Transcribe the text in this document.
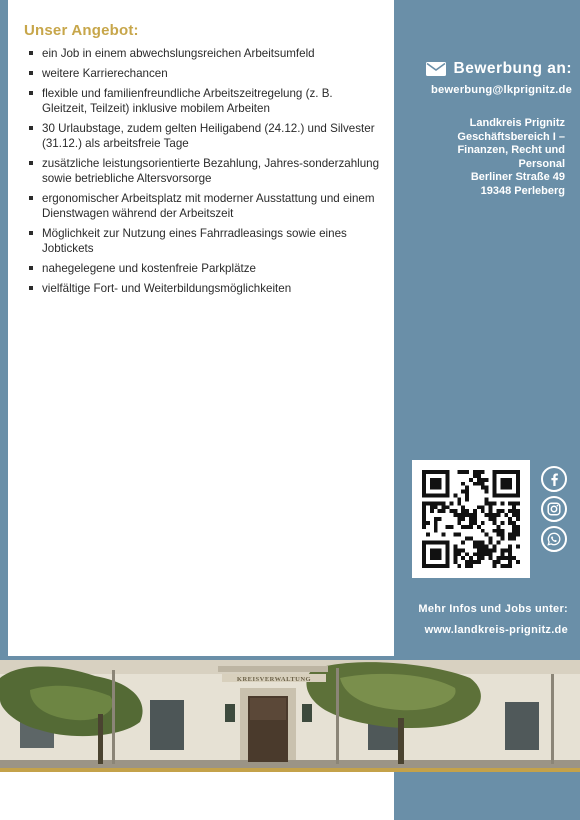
Unser Angebot:
ein Job in einem abwechslungsreichen Arbeitsumfeld
weitere Karrierechancen
flexible und familienfreundliche Arbeitszeitregelung (z. B. Gleitzeit, Teilzeit) inklusive mobilem Arbeiten
30 Urlaubstage, zudem gelten Heiligabend (24.12.) und Silvester (31.12.) als arbeitsfreie Tage
zusätzliche leistungsorientierte Bezahlung, Jahres-sonderzahlung sowie betriebliche Altersvorsorge
ergonomischer Arbeitsplatz mit moderner Ausstattung und einem Dienstwagen während der Arbeitszeit
Möglichkeit zur Nutzung eines Fahrradleasings sowie eines Jobtickets
nahegelegene und kostenfreie Parkplätze
vielfältige Fort- und Weiterbildungsmöglichkeiten
Bewerbung an:
bewerbung@lkprignitz.de
Landkreis Prignitz
Geschäftsbereich I –
Finanzen, Recht und
Personal
Berliner Straße 49
19348 Perleberg
Mehr Infos und Jobs unter:
www.landkreis-prignitz.de
KREISVERWALTUNG
